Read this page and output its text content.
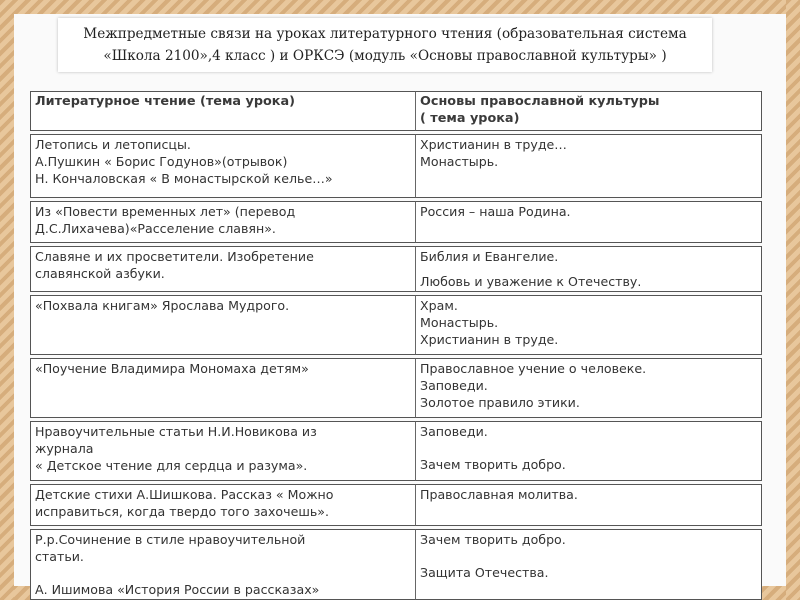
Межпредметные связи на уроках литературного чтения (образовательная система
«Школа 2100»,4 класс ) и ОРКСЭ (модуль «Основы православной культуры» )
Литературное чтение (тема урока)	Основы православной культуры
( тема урока)

Летопись и летописцы.
А.Пушкин « Борис Годунов»(отрывок)
Н. Кончаловская « В монастырской келье…»	Христианин в труде…
Монастырь.

Из «Повести временных лет» (перевод
Д.С.Лихачева)«Расселение славян».	Россия – наша Родина.

Славяне и их просветители. Изобретение
славянской азбуки.	Библия и Евангелие.
Любовь и уважение к Отечеству.

«Похвала книгам» Ярослава Мудрого.	Храм.
Монастырь.
Христианин в труде.

«Поучение Владимира Мономаха детям»	Православное учение о человеке.
Заповеди.
Золотое правило этики.

Нравоучительные статьи Н.И.Новикова из
журнала
« Детское чтение для сердца и разума».	Заповеди.
Зачем творить добро.

Детские стихи А.Шишкова. Рассказ « Можно
исправиться, когда твердо того захочешь».	Православная молитва.

Р.р.Сочинение в стиле нравоучительной
статьи.
А. Ишимова «История России в рассказах»	Зачем творить добро.
Защита Отечества.
